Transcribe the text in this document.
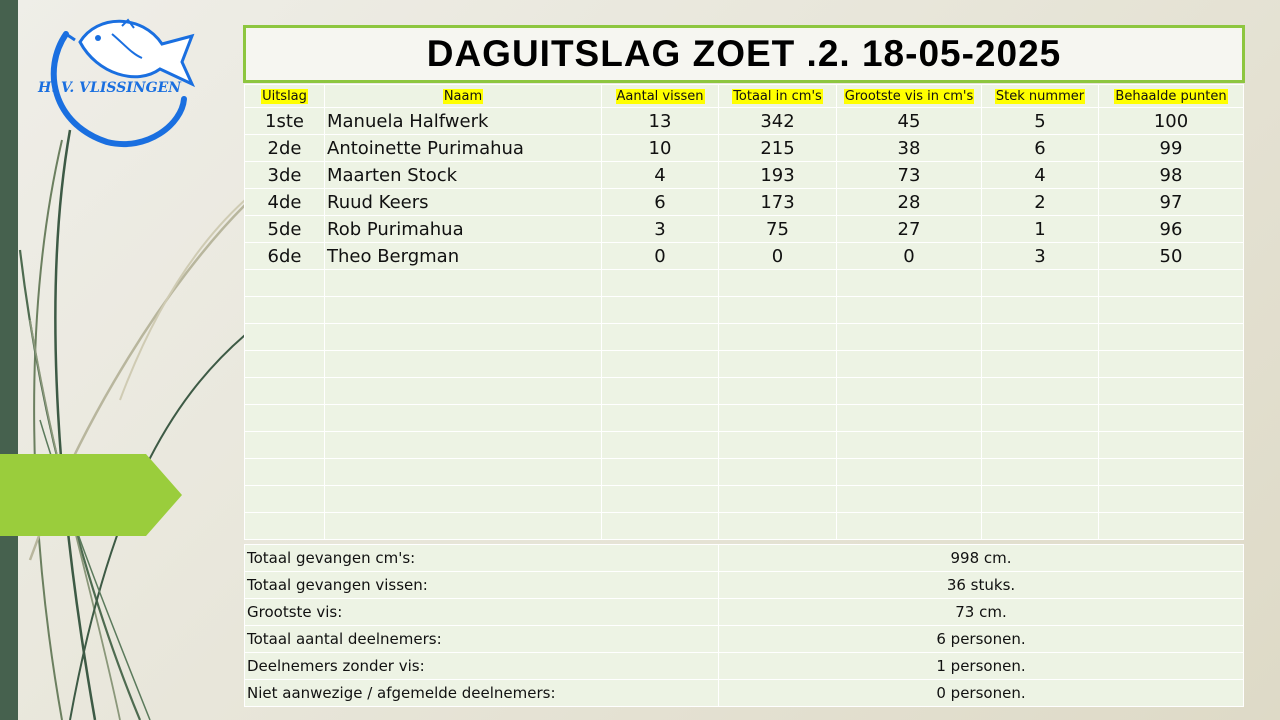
H. V. VLISSINGEN
DAGUITSLAG ZOET .2. 18-05-2025
Uitslag	Naam	Aantal vissen	Totaal in cm's	Grootste vis in cm's	Stek nummer	Behaalde punten
1ste	Manuela Halfwerk	13	342	45	5	100
2de	Antoinette Purimahua	10	215	38	6	99
3de	Maarten Stock	4	193	73	4	98
4de	Ruud Keers	6	173	28	2	97
5de	Rob Purimahua	3	75	27	1	96
6de	Theo Bergman	0	0	0	3	50

Totaal gevangen cm's:	998 cm.
Totaal gevangen vissen:	36 stuks.
Grootste vis:	73 cm.
Totaal aantal deelnemers:	6 personen.
Deelnemers zonder vis:	1 personen.
Niet aanwezige / afgemelde deelnemers:	0 personen.
